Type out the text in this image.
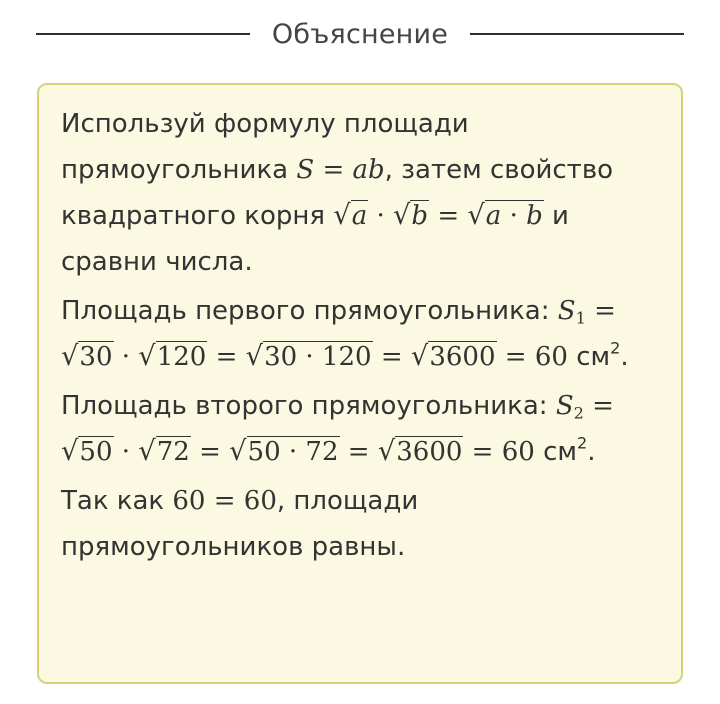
Объяснение

Используй формулу площади прямоугольника S = ab, затем свойство квадратного корня √a · √b = √a · b и сравни числа.

Площадь первого прямоугольника: $S_1 = √30 \cdot √120 = √30 \cdot 120 = √3600 = 60$ $см^2$.

Площадь второго прямоугольника: $S_2 = √50 \cdot √72 = √50 \cdot 72 = √3600 = 60$ $см^2$.

Так как 60 = 60, площади прямоугольников равны.
